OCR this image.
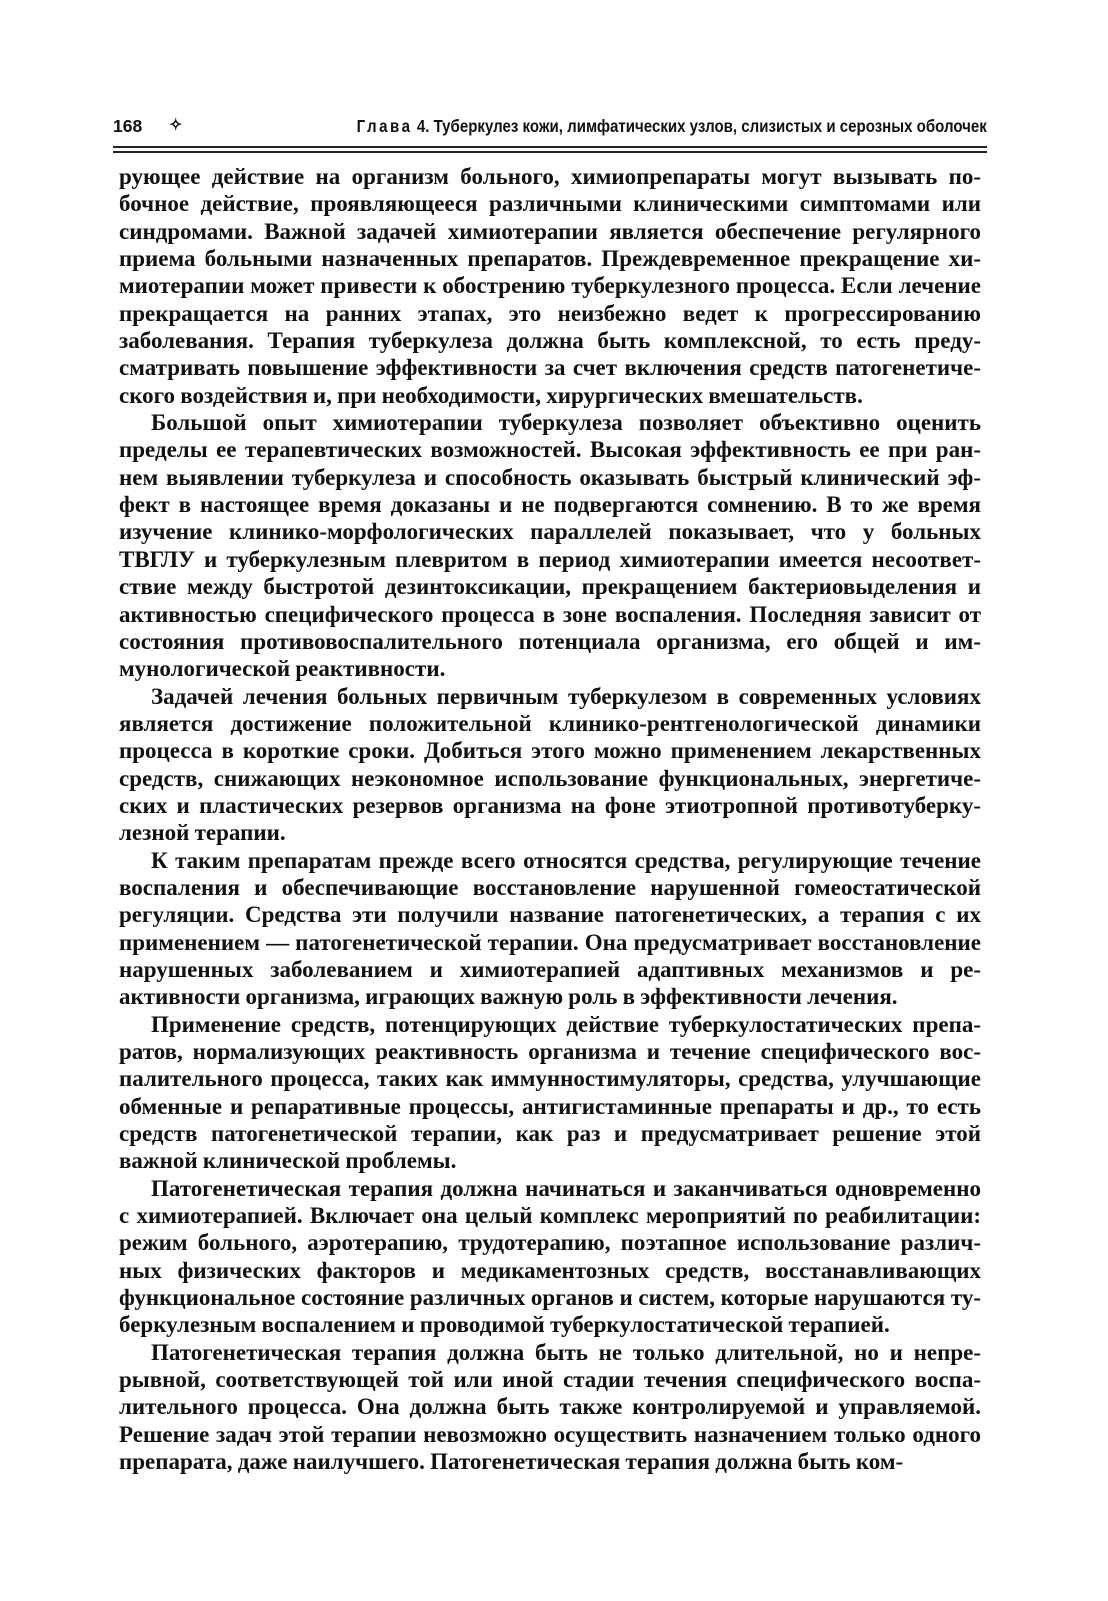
168 ✧	Глава 4. Туберкулез кожи, лимфатических узлов, слизистых и серозных оболочек

рующее действие на организм больного, химиопрепараты могут вызывать побочное действие, проявляющееся различными клиническими симптомами или синдромами. Важной задачей химиотерапии является обеспечение регулярного приема больными назначенных препаратов. Преждевременное прекращение химиотерапии может привести к обострению туберкулезного процесса. Если лечение прекращается на ранних этапах, это неизбежно ведет к прогрессированию заболевания. Терапия туберкулеза должна быть комплексной, то есть предусматривать повышение эффективности за счет включения средств патогенетического воздействия и, при необходимости, хирургических вмешательств.

Большой опыт химиотерапии туберкулеза позволяет объективно оценить пределы ее терапевтических возможностей. Высокая эффективность ее при раннем выявлении туберкулеза и способность оказывать быстрый клинический эффект в настоящее время доказаны и не подвергаются сомнению. В то же время изучение клинико-морфологических параллелей показывает, что у больных ТВГЛУ и туберкулезным плевритом в период химиотерапии имеется несоответствие между быстротой дезинтоксикации, прекращением бактериовыделения и активностью специфического процесса в зоне воспаления. Последняя зависит от состояния противовоспалительного потенциала организма, его общей и иммунологической реактивности.

Задачей лечения больных первичным туберкулезом в современных условиях является достижение положительной клинико-рентгенологической динамики процесса в короткие сроки. Добиться этого можно применением лекарственных средств, снижающих неэкономное использование функциональных, энергетических и пластических резервов организма на фоне этиотропной противотуберкулезной терапии.

К таким препаратам прежде всего относятся средства, регулирующие течение воспаления и обеспечивающие восстановление нарушенной гомеостатической регуляции. Средства эти получили название патогенетических, а терапия с их применением — патогенетической терапии. Она предусматривает восстановление нарушенных заболеванием и химиотерапией адаптивных механизмов и реактивности организма, играющих важную роль в эффективности лечения.

Применение средств, потенцирующих действие туберкулостатических препаратов, нормализующих реактивность организма и течение специфического воспалительного процесса, таких как иммунностимуляторы, средства, улучшающие обменные и репаративные процессы, антигистаминные препараты и др., то есть средств патогенетической терапии, как раз и предусматривает решение этой важной клинической проблемы.

Патогенетическая терапия должна начинаться и заканчиваться одновременно с химиотерапией. Включает она целый комплекс мероприятий по реабилитации: режим больного, аэротерапию, трудотерапию, поэтапное использование различных физических факторов и медикаментозных средств, восстанавливающих функциональное состояние различных органов и систем, которые нарушаются туберкулезным воспалением и проводимой туберкулостатической терапией.

Патогенетическая терапия должна быть не только длительной, но и непрерывной, соответствующей той или иной стадии течения специфического воспалительного процесса. Она должна быть также контролируемой и управляемой. Решение задач этой терапии невозможно осуществить назначением только одного препарата, даже наилучшего. Патогенетическая терапия должна быть ком-
